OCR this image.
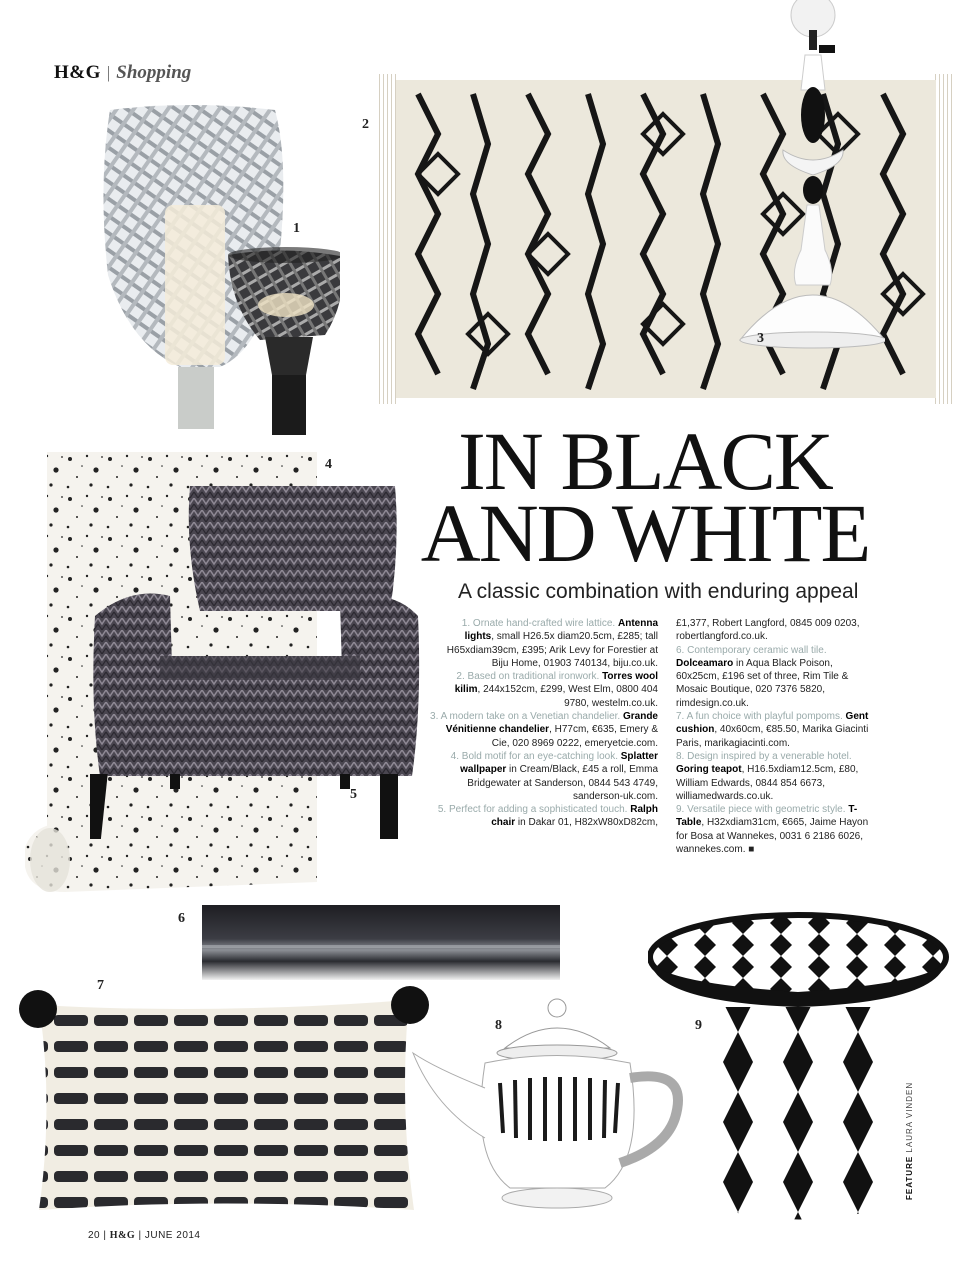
H&G | Shopping
1
2
3
4
5
IN BLACK
AND WHITE
A classic combination with enduring appeal
1. Ornate hand-crafted wire lattice. Antenna lights, small H26.5x diam20.5cm, £285; tall H65xdiam39cm, £395; Arik Levy for Forestier at Biju Home, 01903 740134, biju.co.uk.
2. Based on traditional ironwork. Torres wool kilim, 244x152cm, £299, West Elm, 0800 404 9780, westelm.co.uk.
3. A modern take on a Venetian chandelier. Grande Vénitienne chandelier, H77cm, €635, Emery & Cie, 020 8969 0222, emeryetcie.com.
4. Bold motif for an eye-catching look. Splatter wallpaper in Cream/Black, £45 a roll, Emma Bridgewater at Sanderson, 0844 543 4749, sanderson-uk.com.
5. Perfect for adding a sophisticated touch. Ralph chair in Dakar 01, H82xW80xD82cm,
£1,377, Robert Langford, 0845 009 0203, robertlangford.co.uk.
6. Contemporary ceramic wall tile. Dolceamaro in Aqua Black Poison, 60x25cm, £196 set of three, Rim Tile & Mosaic Boutique, 020 7376 5820, rimdesign.co.uk.
7. A fun choice with playful pompoms. Gent cushion, 40x60cm, €85.50, Marika Giacinti Paris, marikagiacinti.com.
8. Design inspired by a venerable hotel. Goring teapot, H16.5xdiam12.5cm, £80, William Edwards, 0844 854 6673, williamedwards.co.uk.
9. Versatile piece with geometric style. T-Table, H32xdiam31cm, €665, Jaime Hayon for Bosa at Wannekes, 0031 6 2186 6026, wannekes.com. ■
6
7
8	9
20 | H&G | JUNE 2014
FEATURE LAURA VINDEN
